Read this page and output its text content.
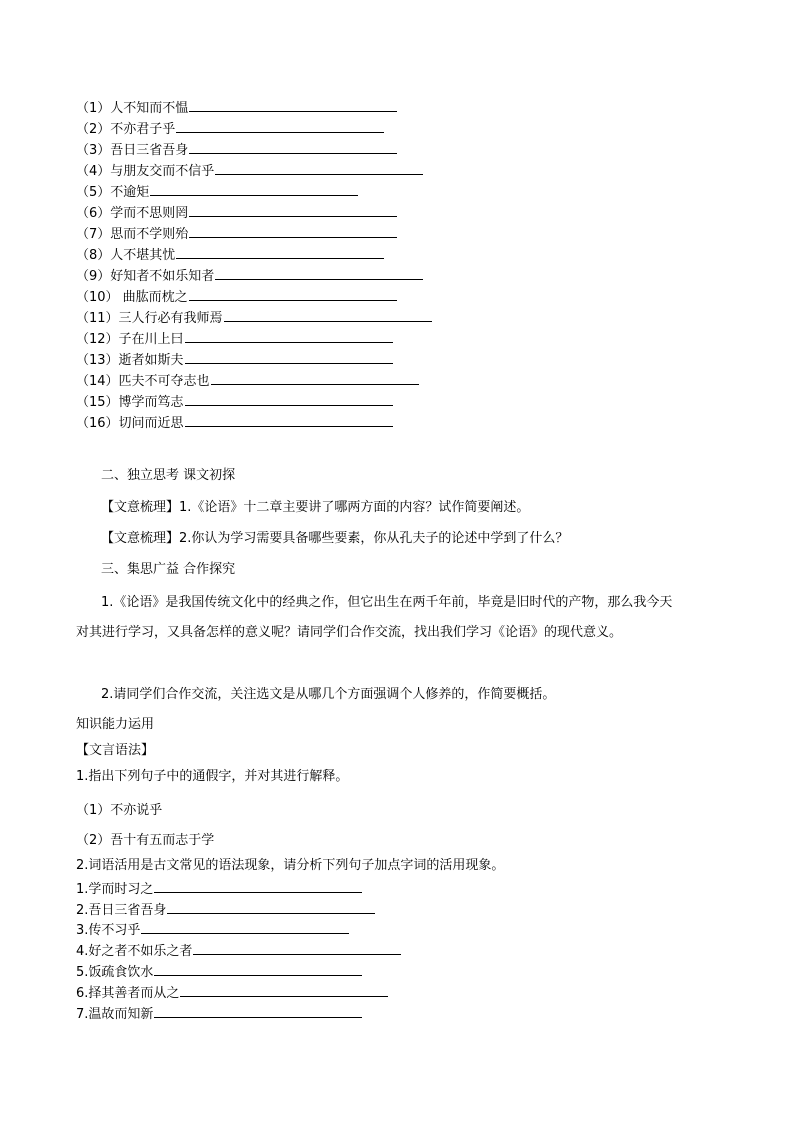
（1）人不知而不愠
（2）不亦君子乎
（3）吾日三省吾身
（4）与朋友交而不信乎
（5）不逾矩
（6）学而不思则罔
（7）思而不学则殆
（8）人不堪其忧
（9）好知者不如乐知者
（10） 曲肱而枕之
（11）三人行必有我师焉
（12）子在川上曰
（13）逝者如斯夫
（14）匹夫不可夺志也
（15）博学而笃志
（16）切问而近思
二、独立思考 课文初探
【文意梳理】1.《论语》十二章主要讲了哪两方面的内容？试作简要阐述。
【文意梳理】2.你认为学习需要具备哪些要素，你从孔夫子的论述中学到了什么？
三、集思广益 合作探究
1.《论语》是我国传统文化中的经典之作，但它出生在两千年前，毕竟是旧时代的产物，那么我今天
对其进行学习，又具备怎样的意义呢？请同学们合作交流，找出我们学习《论语》的现代意义。
2.请同学们合作交流，关注选文是从哪几个方面强调个人修养的，作简要概括。
知识能力运用
【文言语法】
1.指出下列句子中的通假字，并对其进行解释。
（1）不亦说乎
（2）吾十有五而志于学
2.词语活用是古文常见的语法现象，请分析下列句子加点字词的活用现象。
1.学而时习之
2.吾日三省吾身
3.传不习乎
4.好之者不如乐之者
5.饭疏食饮水
6.择其善者而从之
7.温故而知新
